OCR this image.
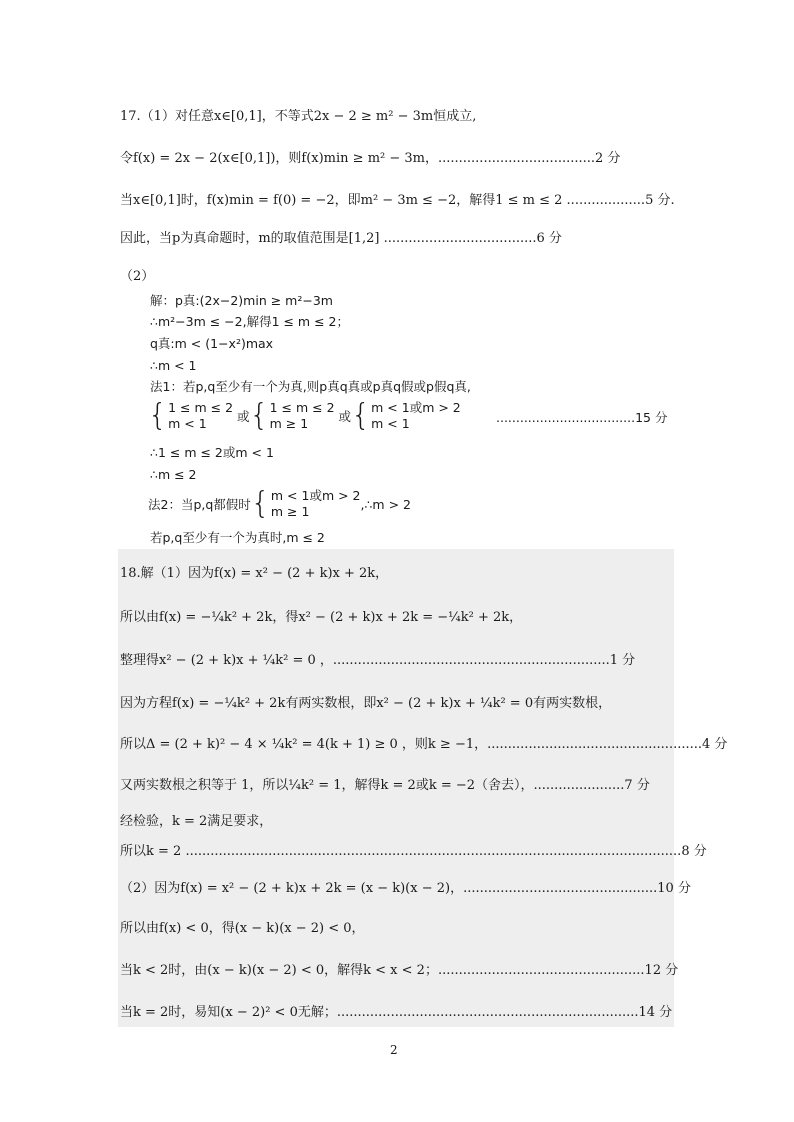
17.（1）对任意x∈[0,1]，不等式2x − 2 ≥ m² − 3m恒成立,
令f(x) = 2x − 2(x∈[0,1])，则f(x)min ≥ m² − 3m，......................................2 分
当x∈[0,1]时，f(x)min = f(0) = −2，即m² − 3m ≤ −2，解得1 ≤ m ≤ 2 ...................5 分.
因此，当p为真命题时，m的取值范围是[1,2] .....................................6 分
（2）
解：p真:(2x−2)min ≥ m²−3m
∴m²−3m ≤ −2,解得1 ≤ m ≤ 2；
q真:m < (1−x²)max
∴m < 1
法1：若p,q至少有一个为真,则p真q真或p真q假或p假q真,
{ 1 ≤ m ≤ 2
m < 1	或{ 1 ≤ m ≤ 2
m ≥ 1	或{ m < 1或m > 2
m < 1	...................................15 分
∴1 ≤ m ≤ 2或m < 1
∴m ≤ 2
法2：当p,q都假时{ m < 1或m > 2
m ≥ 1	,∴m > 2
若p,q至少有一个为真时,m ≤ 2
18.解（1）因为f(x) = x² − (2 + k)x + 2k，
所以由f(x) = −¼k² + 2k，得x² − (2 + k)x + 2k = −¼k² + 2k，
整理得x² − (2 + k)x + ¼k² = 0 ，...................................................................1 分
因为方程f(x) = −¼k² + 2k有两实数根，即x² − (2 + k)x + ¼k² = 0有两实数根，
所以Δ = (2 + k)² − 4 × ¼k² = 4(k + 1) ≥ 0 ，则k ≥ −1，....................................................4 分
又两实数根之积等于 1，所以¼k² = 1，解得k = 2或k = −2（舍去），......................7 分
经检验，k = 2满足要求，
所以k = 2 ........................................................................................................................8 分
（2）因为f(x) = x² − (2 + k)x + 2k = (x − k)(x − 2)，...............................................10 分
所以由f(x) < 0，得(x − k)(x − 2) < 0，
当k < 2时，由(x − k)(x − 2) < 0，解得k < x < 2；..................................................12 分
当k = 2时，易知(x − 2)² < 0无解；.........................................................................14 分
2
